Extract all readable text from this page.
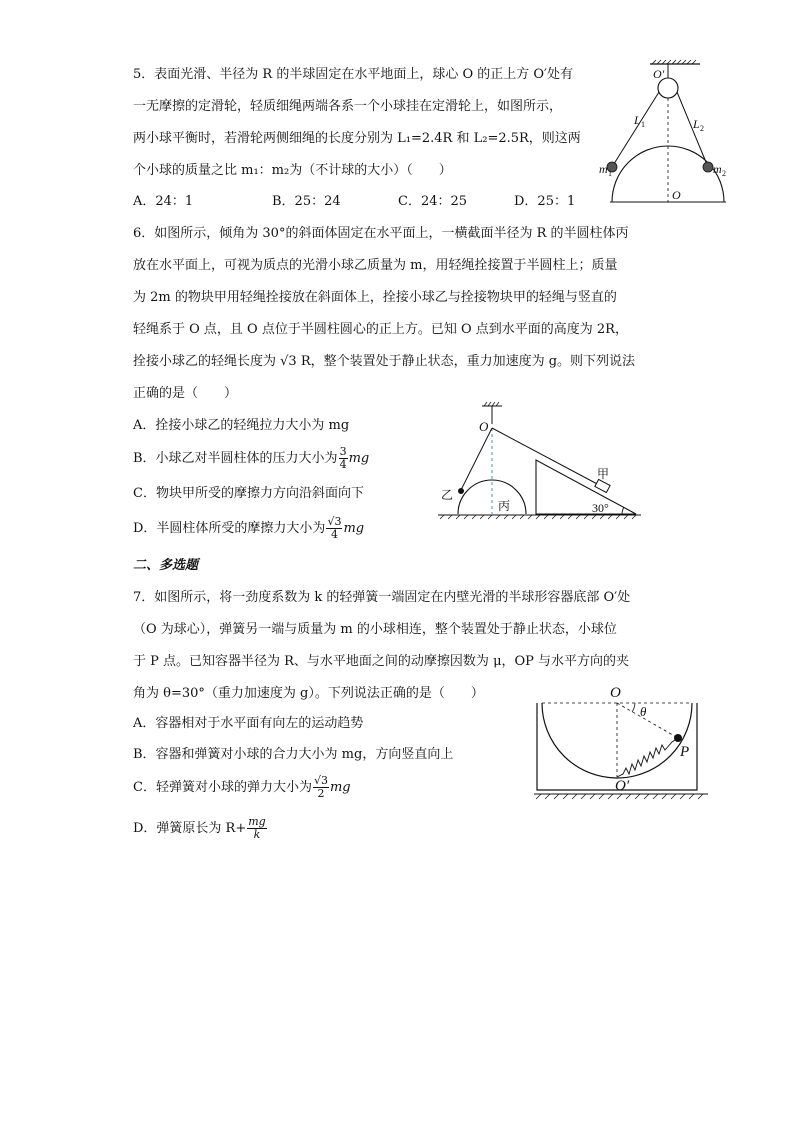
5．表面光滑、半径为 R 的半球固定在水平地面上，球心 O 的正上方 O′处有
一无摩擦的定滑轮，轻质细绳两端各系一个小球挂在定滑轮上，如图所示，
两小球平衡时，若滑轮两侧细绳的长度分别为 L₁=2.4R 和 L₂=2.5R，则这两
个小球的质量之比 m₁：m₂为（不计球的大小）（　　）
A．24：1	B．25：24	C．24：25	D．25：1
O′
L 1	L 2
m 1	m 2
O
6．如图所示，倾角为 30°的斜面体固定在水平面上，一横截面半径为 R 的半圆柱体丙
放在水平面上，可视为质点的光滑小球乙质量为 m，用轻绳拴接置于半圆柱上；质量
为 2m 的物块甲用轻绳拴接放在斜面体上，拴接小球乙与拴接物块甲的轻绳与竖直的
轻绳系于 O 点，且 O 点位于半圆柱圆心的正上方。已知 O 点到水平面的高度为 2R，
拴接小球乙的轻绳长度为 √3 R，整个装置处于静止状态，重力加速度为 g。则下列说法
正确的是（　　）
A．拴接小球乙的轻绳拉力大小为 mg
B．小球乙对半圆柱体的压力大小为 $\frac{3}{4}$ mg
C．物块甲所受的摩擦力方向沿斜面向下
D．半圆柱体所受的摩擦力大小为 $\frac{√3}{4}$ mg
O
甲
乙
丙	30°
二、多选题
7．如图所示，将一劲度系数为 k 的轻弹簧一端固定在内壁光滑的半球形容器底部 O′处
（O 为球心），弹簧另一端与质量为 m 的小球相连，整个装置处于静止状态，小球位
于 P 点。已知容器半径为 R、与水平地面之间的动摩擦因数为 μ，OP 与水平方向的夹
角为 θ=30°（重力加速度为 g）。下列说法正确的是（　　）
A．容器相对于水平面有向左的运动趋势
B．容器和弹簧对小球的合力大小为 mg，方向竖直向上
C．轻弹簧对小球的弹力大小为 $\frac{√3}{2}$ mg
D．弹簧原长为 $R+ \frac{mg}{k}$
O
θ
P
O′
